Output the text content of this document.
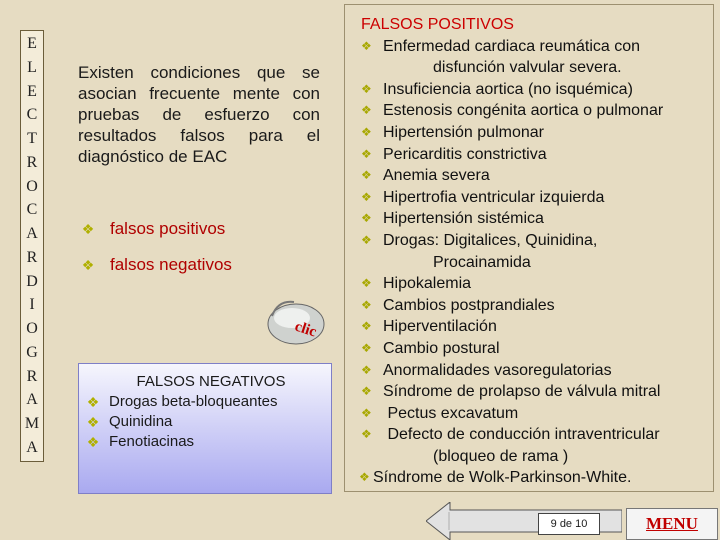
E
L
E
C
T
R
O
C
A
R
D
I
O
G
R
A
M
A

Existen condiciones que se asocian frecuente mente con pruebas de esfuerzo con resultados falsos para el diagnóstico de EAC

❖ falsos positivos
❖ falsos negativos
clic
FALSOS NEGATIVOS
❖ Drogas beta-bloqueantes
❖ Quinidina
❖ Fenotiacinas
FALSOS POSITIVOS
❖ Enfermedad cardiaca reumática con
disfunción valvular severa.
❖ Insuficiencia aortica (no isquémica)
❖ Estenosis congénita aortica o pulmonar
❖ Hipertensión pulmonar
❖ Pericarditis constrictiva
❖ Anemia severa
❖ Hipertrofia ventricular izquierda
❖ Hipertensión sistémica
❖ Drogas: Digitalices, Quinidina,
Procainamida
❖ Hipokalemia
❖ Cambios postprandiales
❖ Hiperventilación
❖ Cambio postural
❖ Anormalidades vasoregulatorias
❖ Síndrome de prolapso de válvula mitral
❖ Pectus excavatum
❖ Defecto de conducción intraventricular
(bloqueo de rama )
❖ Síndrome de Wolk-Parkinson-White.
9 de 10	MENU
